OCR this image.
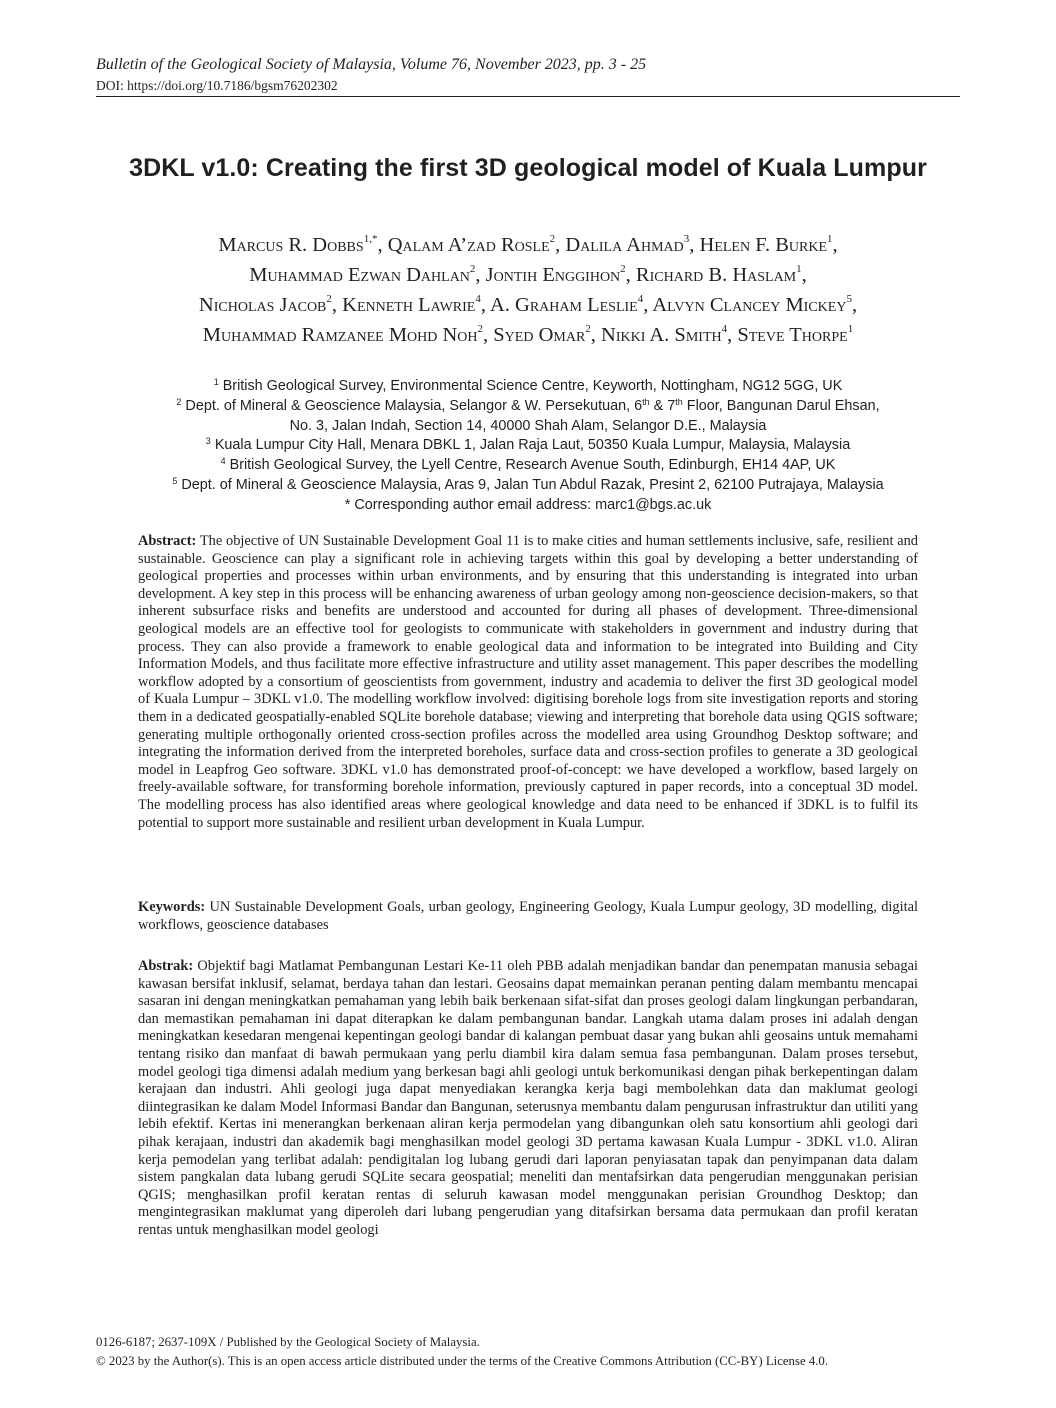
Bulletin of the Geological Society of Malaysia, Volume 76, November 2023, pp. 3 - 25
DOI: https://doi.org/10.7186/bgsm76202302
3DKL v1.0: Creating the first 3D geological model of Kuala Lumpur
Marcus R. Dobbs$^{1,*}$, Qalam A’zad Rosle$^2$, Dalila Ahmad$^3$, Helen F. Burke$^1$,
Muhammad Ezwan Dahlan$^2$, Jontih Enggihon$^2$, Richard B. Haslam$^1$,
Nicholas Jacob$^2$, Kenneth Lawrie$^4$, A. Graham Leslie$^4$, Alvyn Clancey Mickey$^5$,
Muhammad Ramzanee Mohd Noh$^2$, Syed Omar$^2$, Nikki A. Smith$^4$, Steve Thorpe$^1$
$^1$ British Geological Survey, Environmental Science Centre, Keyworth, Nottingham, NG12 5GG, UK
$^2$ Dept. of Mineral & Geoscience Malaysia, Selangor & W. Persekutuan, 6th & 7th Floor, Bangunan Darul Ehsan,
No. 3, Jalan Indah, Section 14, 40000 Shah Alam, Selangor D.E., Malaysia
$^3$ Kuala Lumpur City Hall, Menara DBKL 1, Jalan Raja Laut, 50350 Kuala Lumpur, Malaysia, Malaysia
$^4$ British Geological Survey, the Lyell Centre, Research Avenue South, Edinburgh, EH14 4AP, UK
$^5$ Dept. of Mineral & Geoscience Malaysia, Aras 9, Jalan Tun Abdul Razak, Presint 2, 62100 Putrajaya, Malaysia
* Corresponding author email address: marc1@bgs.ac.uk
Abstract: The objective of UN Sustainable Development Goal 11 is to make cities and human settlements inclusive, safe, resilient and sustainable. Geoscience can play a significant role in achieving targets within this goal by developing a better understanding of geological properties and processes within urban environments, and by ensuring that this understanding is integrated into urban development. A key step in this process will be enhancing awareness of urban geology among non-geoscience decision-makers, so that inherent subsurface risks and benefits are understood and accounted for during all phases of development. Three-dimensional geological models are an effective tool for geologists to communicate with stakeholders in government and industry during that process. They can also provide a framework to enable geological data and information to be integrated into Building and City Information Models, and thus facilitate more effective infrastructure and utility asset management. This paper describes the modelling workflow adopted by a consortium of geoscientists from government, industry and academia to deliver the first 3D geological model of Kuala Lumpur – 3DKL v1.0. The modelling workflow involved: digitising borehole logs from site investigation reports and storing them in a dedicated geospatially-enabled SQLite borehole database; viewing and interpreting that borehole data using QGIS software; generating multiple orthogonally oriented cross-section profiles across the modelled area using Groundhog Desktop software; and integrating the information derived from the interpreted boreholes, surface data and cross-section profiles to generate a 3D geological model in Leapfrog Geo software. 3DKL v1.0 has demonstrated proof-of-concept: we have developed a workflow, based largely on freely-available software, for transforming borehole information, previously captured in paper records, into a conceptual 3D model. The modelling process has also identified areas where geological knowledge and data need to be enhanced if 3DKL is to fulfil its potential to support more sustainable and resilient urban development in Kuala Lumpur.
Keywords: UN Sustainable Development Goals, urban geology, Engineering Geology, Kuala Lumpur geology, 3D modelling, digital workflows, geoscience databases
Abstrak: Objektif bagi Matlamat Pembangunan Lestari Ke-11 oleh PBB adalah menjadikan bandar dan penempatan manusia sebagai kawasan bersifat inklusif, selamat, berdaya tahan dan lestari. Geosains dapat memainkan peranan penting dalam membantu mencapai sasaran ini dengan meningkatkan pemahaman yang lebih baik berkenaan sifat-sifat dan proses geologi dalam lingkungan perbandaran, dan memastikan pemahaman ini dapat diterapkan ke dalam pembangunan bandar. Langkah utama dalam proses ini adalah dengan meningkatkan kesedaran mengenai kepentingan geologi bandar di kalangan pembuat dasar yang bukan ahli geosains untuk memahami tentang risiko dan manfaat di bawah permukaan yang perlu diambil kira dalam semua fasa pembangunan. Dalam proses tersebut, model geologi tiga dimensi adalah medium yang berkesan bagi ahli geologi untuk berkomunikasi dengan pihak berkepentingan dalam kerajaan dan industri. Ahli geologi juga dapat menyediakan kerangka kerja bagi membolehkan data dan maklumat geologi diintegrasikan ke dalam Model Informasi Bandar dan Bangunan, seterusnya membantu dalam pengurusan infrastruktur dan utiliti yang lebih efektif. Kertas ini menerangkan berkenaan aliran kerja permodelan yang dibangunkan oleh satu konsortium ahli geologi dari pihak kerajaan, industri dan akademik bagi menghasilkan model geologi 3D pertama kawasan Kuala Lumpur - 3DKL v1.0. Aliran kerja pemodelan yang terlibat adalah: pendigitalan log lubang gerudi dari laporan penyiasatan tapak dan penyimpanan data dalam sistem pangkalan data lubang gerudi SQLite secara geospatial; meneliti dan mentafsirkan data pengerudian menggunakan perisian QGIS; menghasilkan profil keratan rentas di seluruh kawasan model menggunakan perisian Groundhog Desktop; dan mengintegrasikan maklumat yang diperoleh dari lubang pengerudian yang ditafsirkan bersama data permukaan dan profil keratan rentas untuk menghasilkan model geologi
0126-6187; 2637-109X / Published by the Geological Society of Malaysia.
© 2023 by the Author(s). This is an open access article distributed under the terms of the Creative Commons Attribution (CC-BY) License 4.0.
